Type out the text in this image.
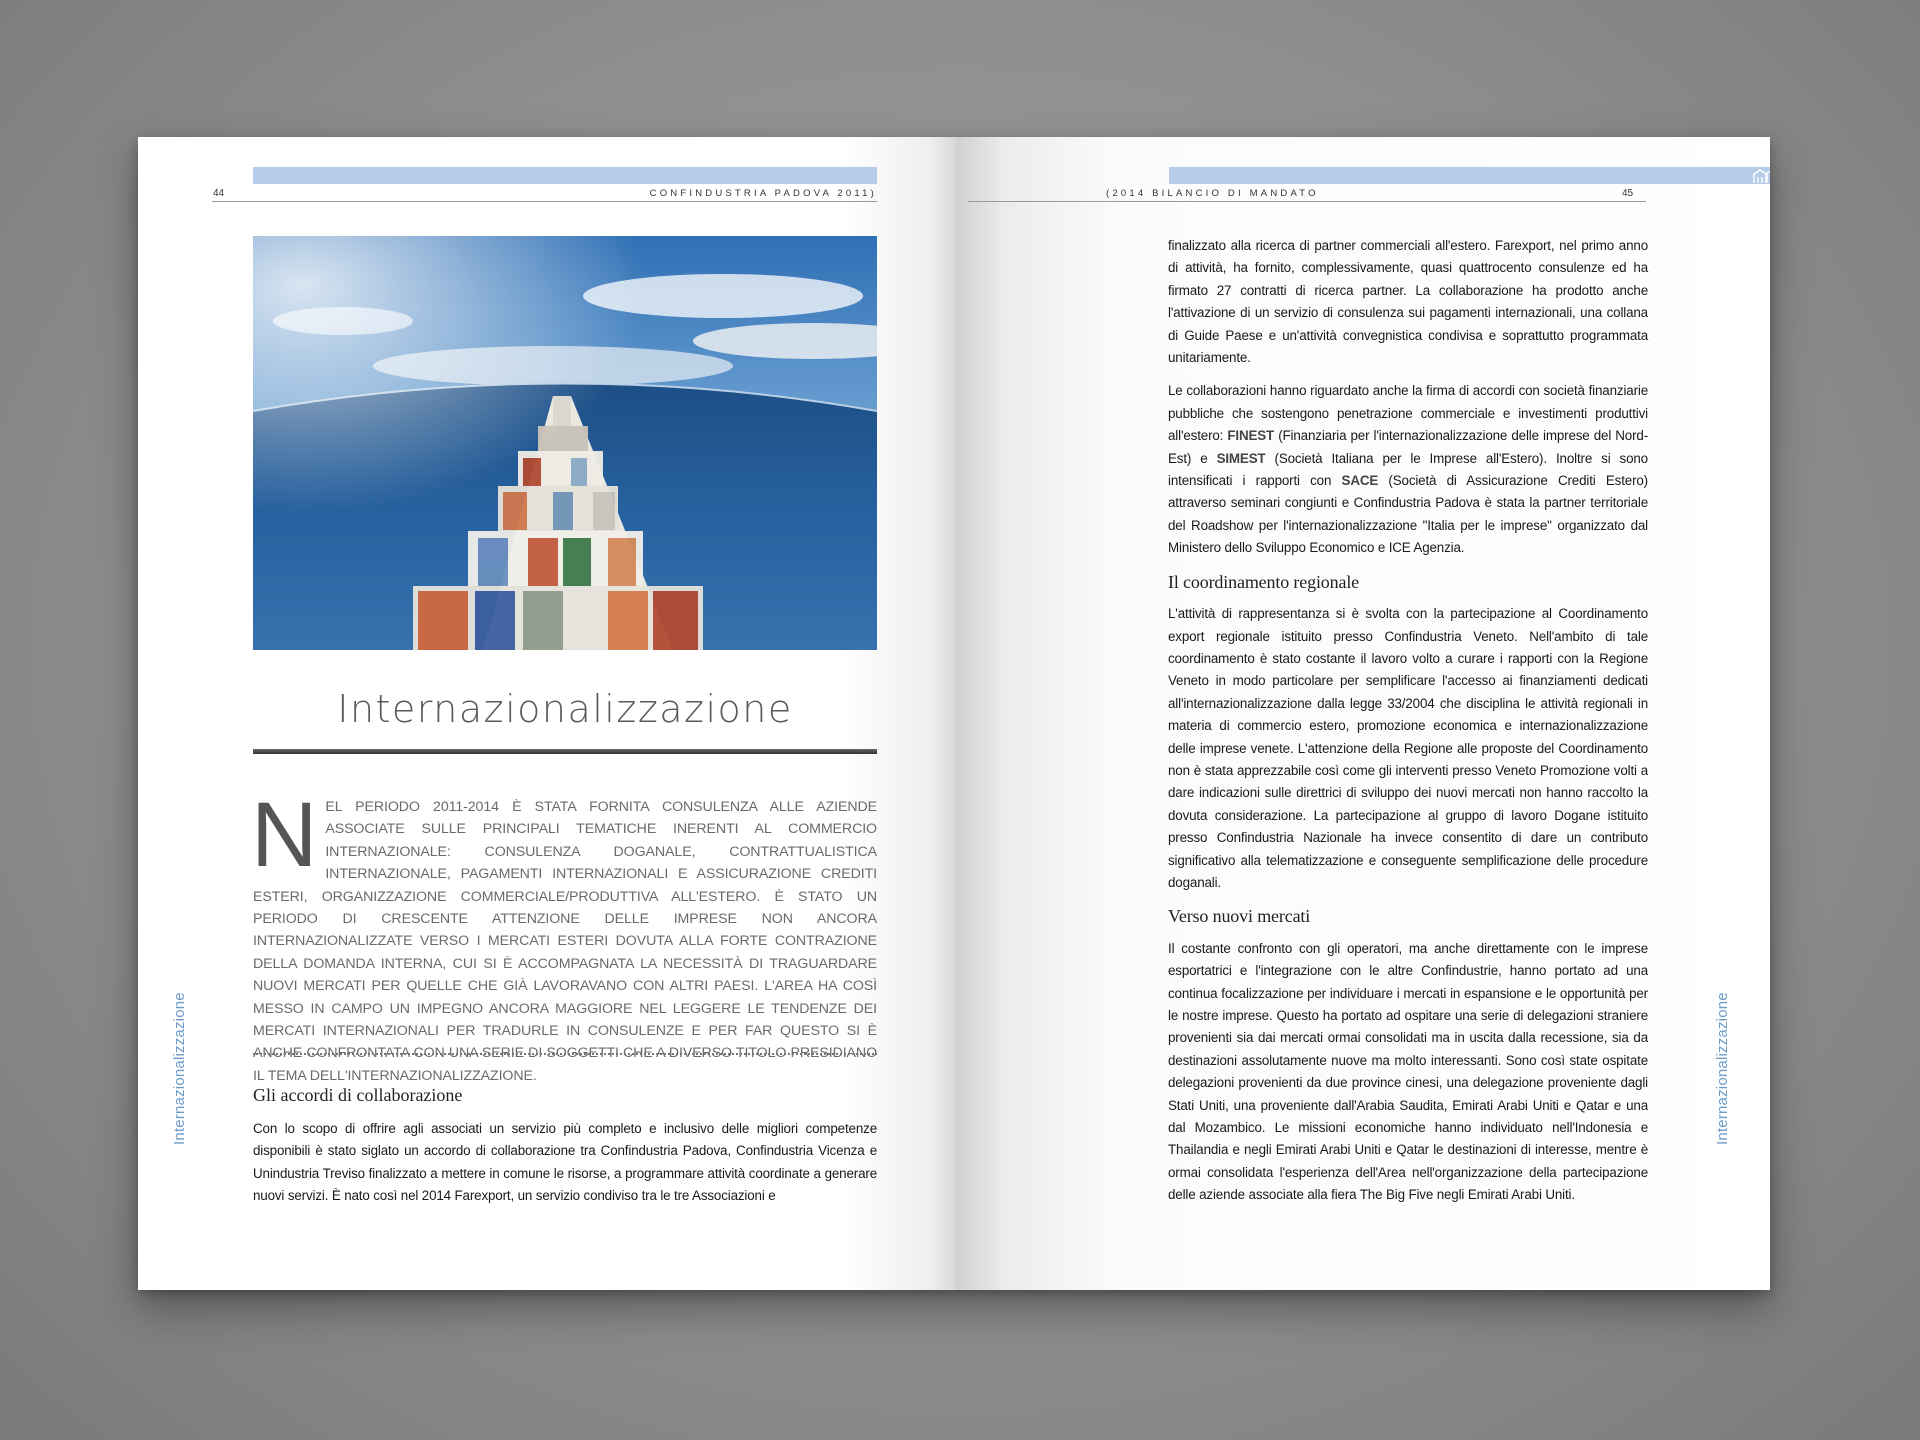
44	CONFINDUSTRIA PADOVA 2011)
Internazionalizzazione
Internazionalizzazione
NEL PERIODO 2011-2014 È STATA FORNITA CONSULENZA ALLE AZIENDE ASSOCIATE SULLE PRINCIPALI TEMATICHE INERENTI AL COMMERCIO INTERNAZIONALE: CONSULENZA DOGANALE, CONTRATTUALISTICA INTERNAZIONALE, PAGAMENTI INTERNAZIONALI E ASSICURAZIONE CREDITI ESTERI, ORGANIZZAZIONE COMMERCIALE/PRODUTTIVA ALL'ESTERO. È STATO UN PERIODO DI CRESCENTE ATTENZIONE DELLE IMPRESE NON ANCORA INTERNAZIONALIZZATE VERSO I MERCATI ESTERI DOVUTA ALLA FORTE CONTRAZIONE DELLA DOMANDA INTERNA, CUI SI È ACCOMPAGNATA LA NECESSITÀ DI TRAGUARDARE NUOVI MERCATI PER QUELLE CHE GIÀ LAVORAVANO CON ALTRI PAESI. L'AREA HA COSÌ MESSO IN CAMPO UN IMPEGNO ANCORA MAGGIORE NEL LEGGERE LE TENDENZE DEI MERCATI INTERNAZIONALI PER TRADURLE IN CONSULENZE E PER FAR QUESTO SI È ANCHE CONFRONTATA CON UNA SERIE DI SOGGETTI CHE A DIVERSO TITOLO PRESIDIANO IL TEMA DELL'INTERNAZIONALIZZAZIONE.
Gli accordi di collaborazione

Con lo scopo di offrire agli associati un servizio più completo e inclusivo delle migliori competenze disponibili è stato siglato un accordo di collaborazione tra Confindustria Padova, Confindustria Vicenza e Unindustria Treviso finalizzato a mettere in comune le risorse, a programmare attività coordinate a generare nuovi servizi. È nato così nel 2014 Farexport, un servizio condiviso tra le tre Associazioni e

(2014 BILANCIO DI MANDATO	45
Internazionalizzazione

finalizzato alla ricerca di partner commerciali all'estero. Farexport, nel primo anno di attività, ha fornito, complessivamente, quasi quattrocento consulenze ed ha firmato 27 contratti di ricerca partner. La collaborazione ha prodotto anche l'attivazione di un servizio di consulenza sui pagamenti internazionali, una collana di Guide Paese e un'attività convegnistica condivisa e soprattutto programmata unitariamente.

Le collaborazioni hanno riguardato anche la firma di accordi con società finanziarie pubbliche che sostengono penetrazione commerciale e investimenti produttivi all'estero: FINEST (Finanziaria per l'internazionalizzazione delle imprese del Nord-Est) e SIMEST (Società Italiana per le Imprese all'Estero). Inoltre si sono intensificati i rapporti con SACE (Società di Assicurazione Crediti Estero) attraverso seminari congiunti e Confindustria Padova è stata la partner territoriale del Roadshow per l'internazionalizzazione "Italia per le imprese" organizzato dal Ministero dello Sviluppo Economico e ICE Agenzia.

Il coordinamento regionale

L'attività di rappresentanza si è svolta con la partecipazione al Coordinamento export regionale istituito presso Confindustria Veneto. Nell'ambito di tale coordinamento è stato costante il lavoro volto a curare i rapporti con la Regione Veneto in modo particolare per semplificare l'accesso ai finanziamenti dedicati all'internazionalizzazione dalla legge 33/2004 che disciplina le attività regionali in materia di commercio estero, promozione economica e internazionalizzazione delle imprese venete. L'attenzione della Regione alle proposte del Coordinamento non è stata apprezzabile così come gli interventi presso Veneto Promozione volti a dare indicazioni sulle direttrici di sviluppo dei nuovi mercati non hanno raccolto la dovuta considerazione. La partecipazione al gruppo di lavoro Dogane istituito presso Confindustria Nazionale ha invece consentito di dare un contributo significativo alla telematizzazione e conseguente semplificazione delle procedure doganali.

Verso nuovi mercati

Il costante confronto con gli operatori, ma anche direttamente con le imprese esportatrici e l'integrazione con le altre Confindustrie, hanno portato ad una continua focalizzazione per individuare i mercati in espansione e le opportunità per le nostre imprese. Questo ha portato ad ospitare una serie di delegazioni straniere provenienti sia dai mercati ormai consolidati ma in uscita dalla recessione, sia da destinazioni assolutamente nuove ma molto interessanti. Sono così state ospitate delegazioni provenienti da due province cinesi, una delegazione proveniente dagli Stati Uniti, una proveniente dall'Arabia Saudita, Emirati Arabi Uniti e Qatar e una dal Mozambico. Le missioni economiche hanno individuato nell'Indonesia e Thailandia e negli Emirati Arabi Uniti e Qatar le destinazioni di interesse, mentre è ormai consolidata l'esperienza dell'Area nell'organizzazione della partecipazione delle aziende associate alla fiera The Big Five negli Emirati Arabi Uniti.
